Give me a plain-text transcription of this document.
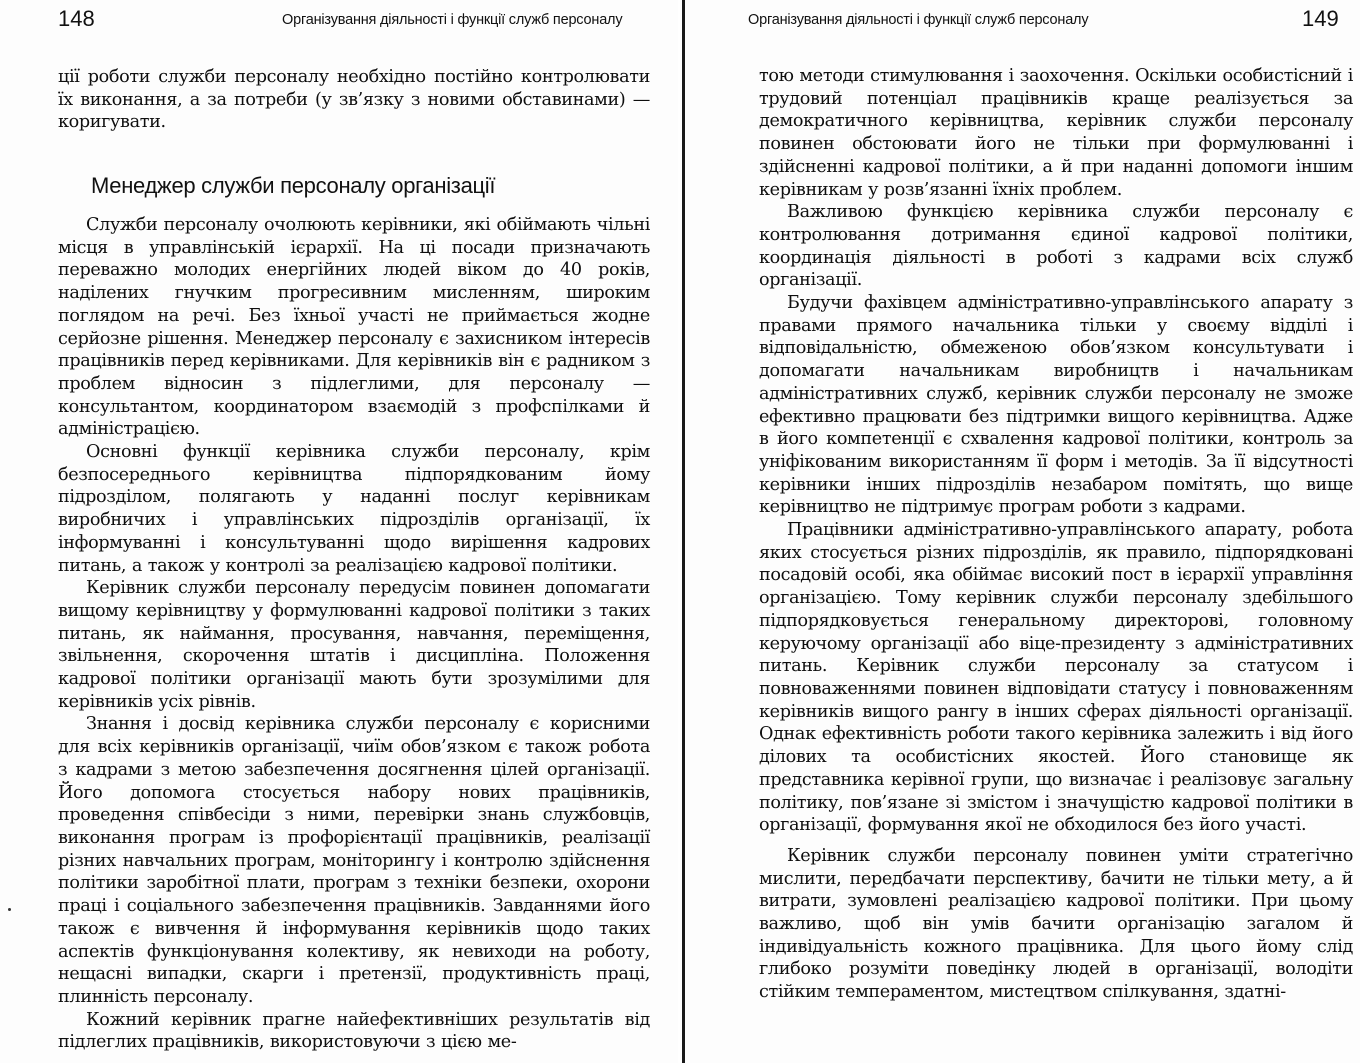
148	Організування діяльності і функції служб персоналу

ції роботи служби персоналу необхідно постійно контролювати їх виконання, а за потреби (у зв’язку з новими обставинами) — коригувати.

Менеджер служби персоналу організації

Служби персоналу очолюють керівники, які обіймають чільні місця в управлінській ієрархії. На ці посади призначають переважно молодих енергійних людей віком до 40 років, наділених гнучким прогресивним мисленням, широким поглядом на речі. Без їхньої участі не приймається жодне серйозне рішення. Менеджер персоналу є захисником інтересів працівників перед керівниками. Для керівників він є радником з проблем відносин з підлеглими, для персоналу — консультантом, координатором взаємодій з профспілками й адміністрацією.

Основні функції керівника служби персоналу, крім безпосереднього керівництва підпорядкованим йому підрозділом, полягають у наданні послуг керівникам виробничих і управлінських підрозділів організації, їх інформуванні і консультуванні щодо вирішення кадрових питань, а також у контролі за реалізацією кадрової політики.

Керівник служби персоналу передусім повинен допомагати вищому керівництву у формулюванні кадрової політики з таких питань, як наймання, просування, навчання, переміщення, звільнення, скорочення штатів і дисципліна. Положення кадрової політики організації мають бути зрозумілими для керівників усіх рівнів.

Знання і досвід керівника служби персоналу є корисними для всіх керівників організації, чиїм обов’язком є також робота з кадрами з метою забезпечення досягнення цілей організації. Його допомога стосується набору нових працівників, проведення співбесіди з ними, перевірки знань службовців, виконання програм із профорієнтації працівників, реалізації різних навчальних програм, моніторингу і контролю здійснення політики заробітної плати, програм з техніки безпеки, охорони праці і соціального забезпечення працівників. Завданнями його також є вивчення й інформування керівників щодо таких аспектів функціонування колективу, як невиходи на роботу, нещасні випадки, скарги і претензії, продуктивність праці, плинність персоналу.

Кожний керівник прагне найефективніших результатів від підлеглих працівників, використовуючи з цією ме-

Організування діяльності і функції служб персоналу	149

тою методи стимулювання і заохочення. Оскільки особистісний і трудовий потенціал працівників краще реалізується за демократичного керівництва, керівник служби персоналу повинен обстоювати його не тільки при формулюванні і здійсненні кадрової політики, а й при наданні допомоги іншим керівникам у розв’язанні їхніх проблем.

Важливою функцією керівника служби персоналу є контролювання дотримання єдиної кадрової політики, координація діяльності в роботі з кадрами всіх служб організації.

Будучи фахівцем адміністративно-управлінського апарату з правами прямого начальника тільки у своєму відділі і відповідальністю, обмеженою обов’язком консультувати і допомагати начальникам виробництв і начальникам адміністративних служб, керівник служби персоналу не зможе ефективно працювати без підтримки вищого керівництва. Адже в його компетенції є схвалення кадрової політики, контроль за уніфікованим використанням її форм і методів. За її відсутності керівники інших підрозділів незабаром помітять, що вище керівництво не підтримує програм роботи з кадрами.

Працівники адміністративно-управлінського апарату, робота яких стосується різних підрозділів, як правило, підпорядковані посадовій особі, яка обіймає високий пост в ієрархії управління організацією. Тому керівник служби персоналу здебільшого підпорядковується генеральному директорові, головному керуючому організації або віце-президенту з адміністративних питань. Керівник служби персоналу за статусом і повноваженнями повинен відповідати статусу і повноваженням керівників вищого рангу в інших сферах діяльності організації. Однак ефективність роботи такого керівника залежить і від його ділових та особистісних якостей. Його становище як представника керівної групи, що визначає і реалізовує загальну політику, пов’язане зі змістом і значущістю кадрової політики в організації, формування якої не обходилося без його участі.

Керівник служби персоналу повинен уміти стратегічно мислити, передбачати перспективу, бачити не тільки мету, а й витрати, зумовлені реалізацією кадрової політики. При цьому важливо, щоб він умів бачити організацію загалом й індивідуальність кожного працівника. Для цього йому слід глибоко розуміти поведінку людей в організації, володіти стійким темпераментом, мистецтвом спілкування, здатні-
